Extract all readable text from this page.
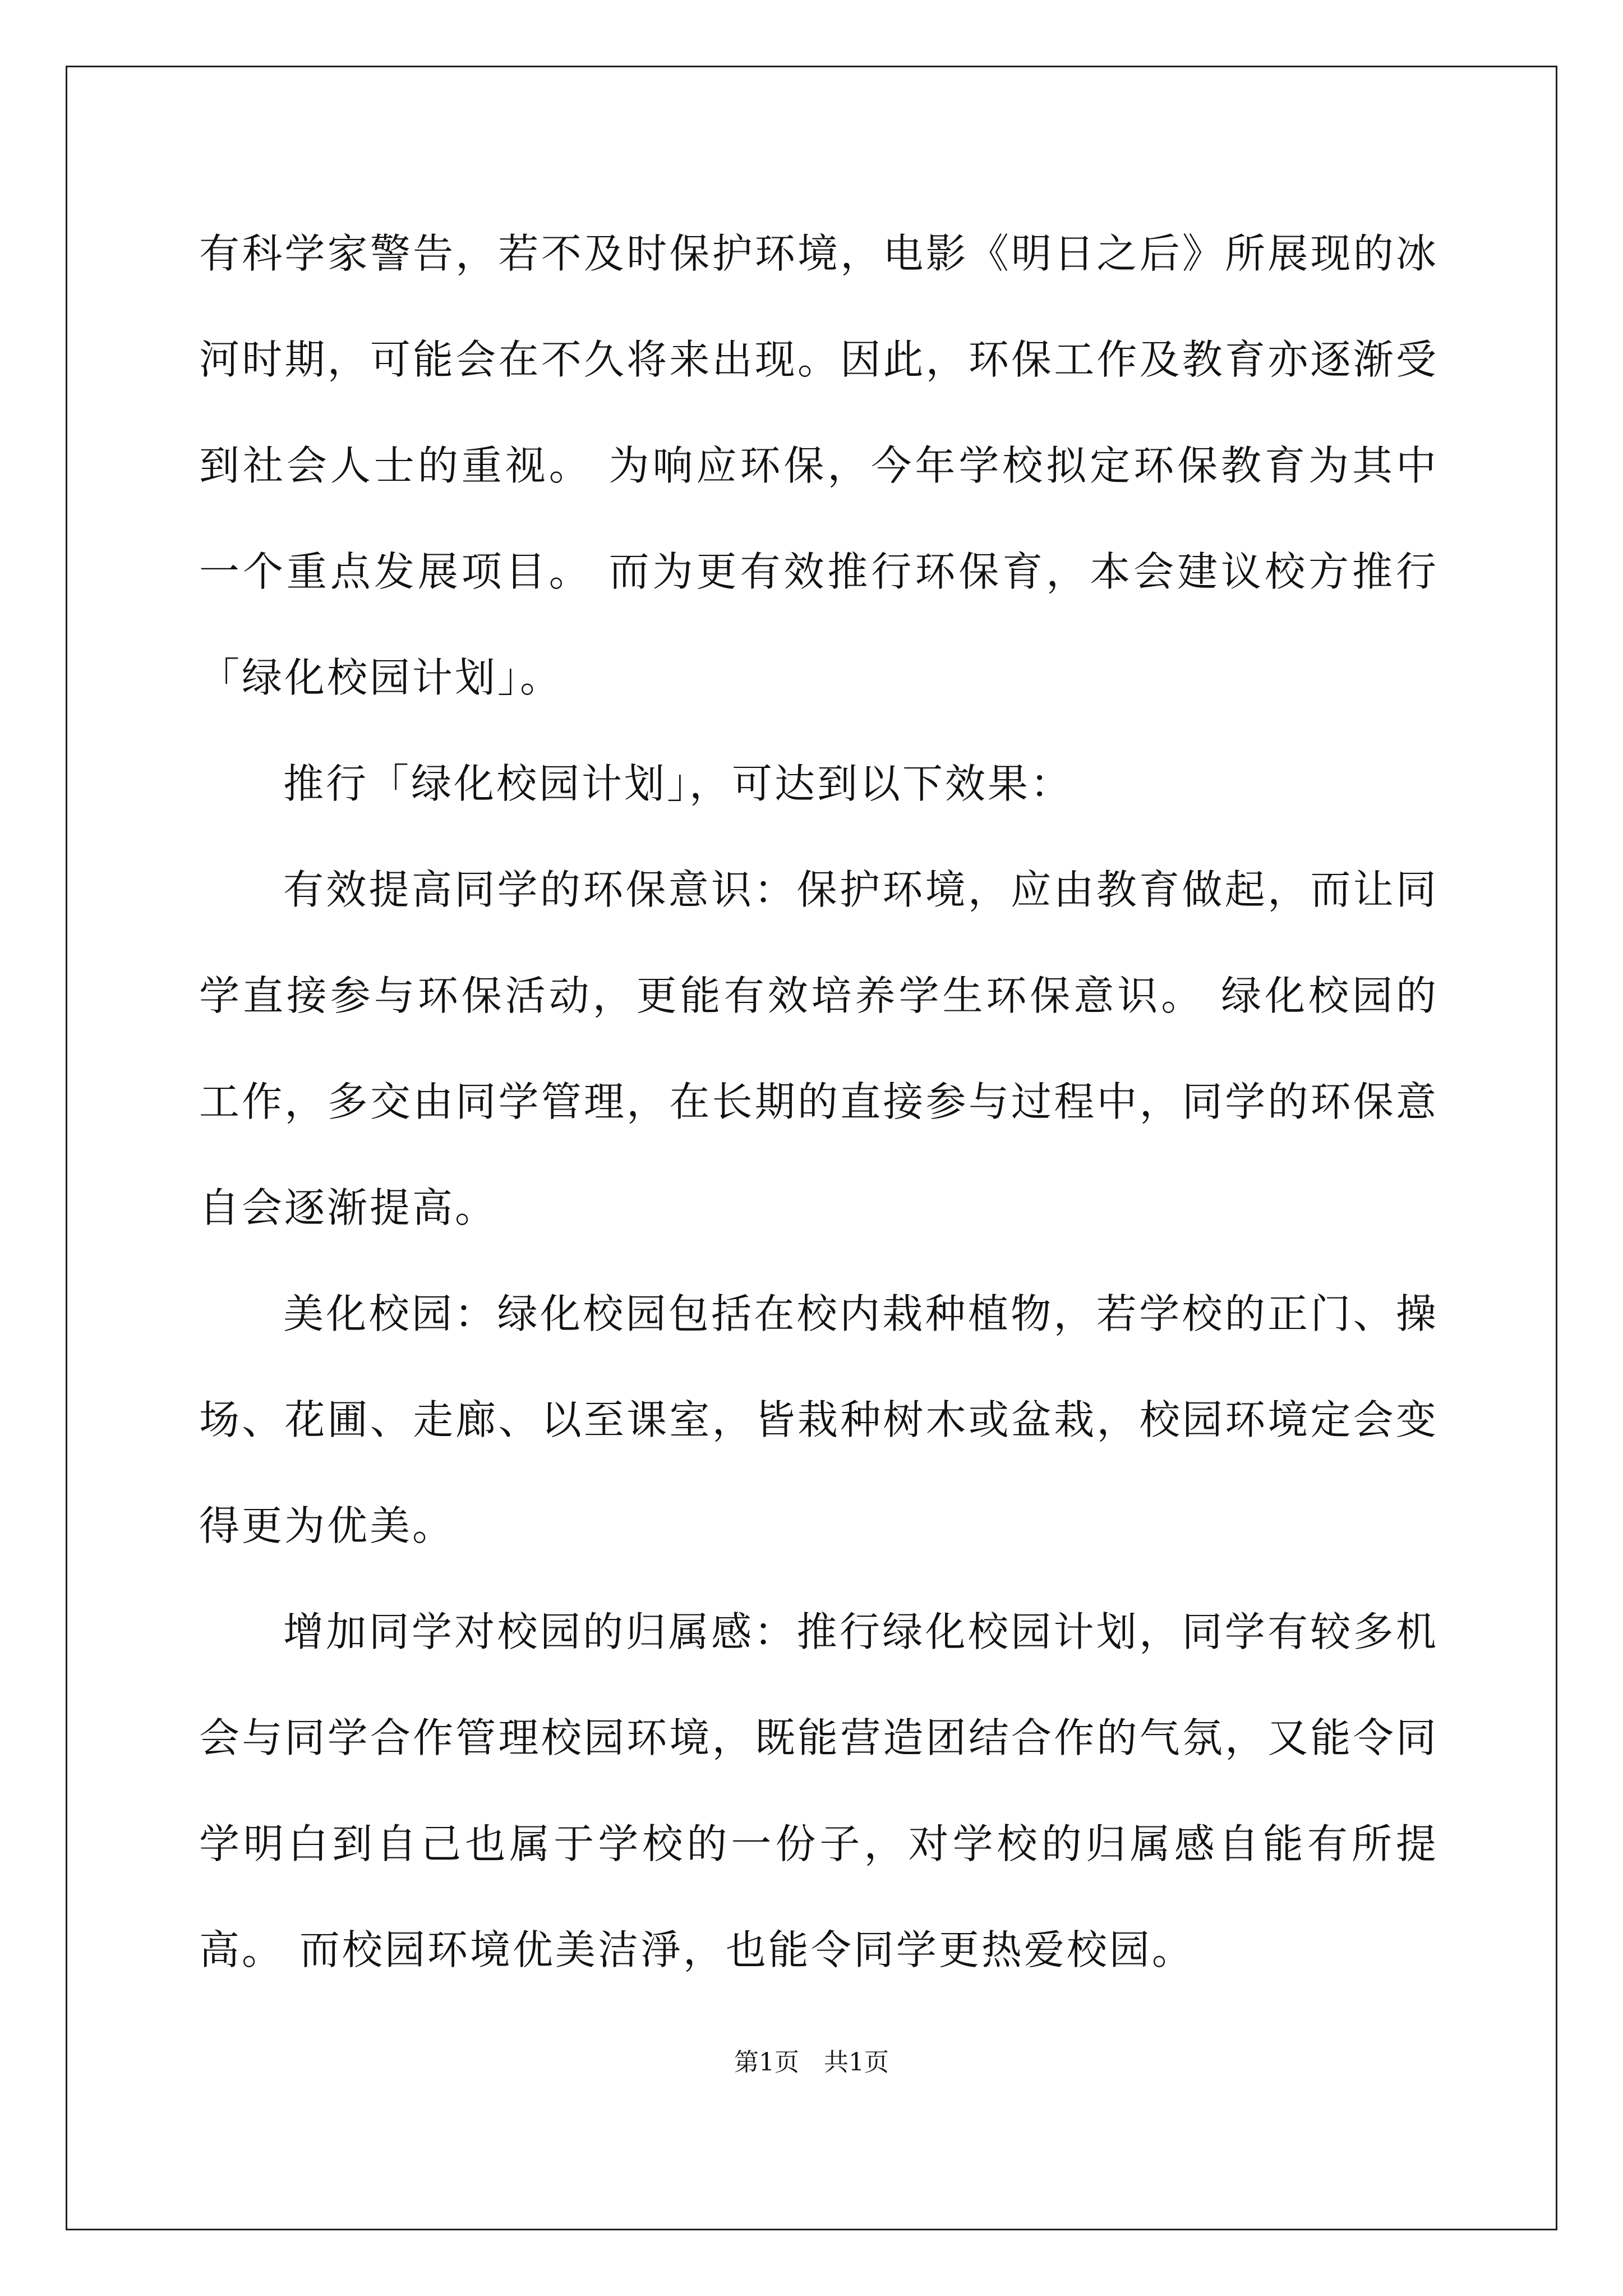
有科学家警告，若不及时保护环境，电影《明日之后》所展现的冰河时期，可能会在不久将来出现。因此，环保工作及教育亦逐渐受到社会人士的重视。 为响应环保，今年学校拟定环保教育为其中一个重点发展项目。 而为更有效推行环保育，本会建议校方推行「绿化校园计划」。

推行「绿化校园计划」，可达到以下效果：

有效提高同学的环保意识：保护环境，应由教育做起，而让同学直接参与环保活动，更能有效培养学生环保意识。 绿化校园的工作，多交由同学管理，在长期的直接参与过程中，同学的环保意自会逐渐提高。

美化校园：绿化校园包括在校内栽种植物，若学校的正门、操场、花圃、走廊、以至课室，皆栽种树木或盆栽，校园环境定会变得更为优美。

增加同学对校园的归属感：推行绿化校园计划，同学有较多机会与同学合作管理校园环境，既能营造团结合作的气氛，又能令同学明白到自己也属于学校的一份子，对学校的归属感自能有所提高。 而校园环境优美洁淨，也能令同学更热爱校园。

第1页　共1页
